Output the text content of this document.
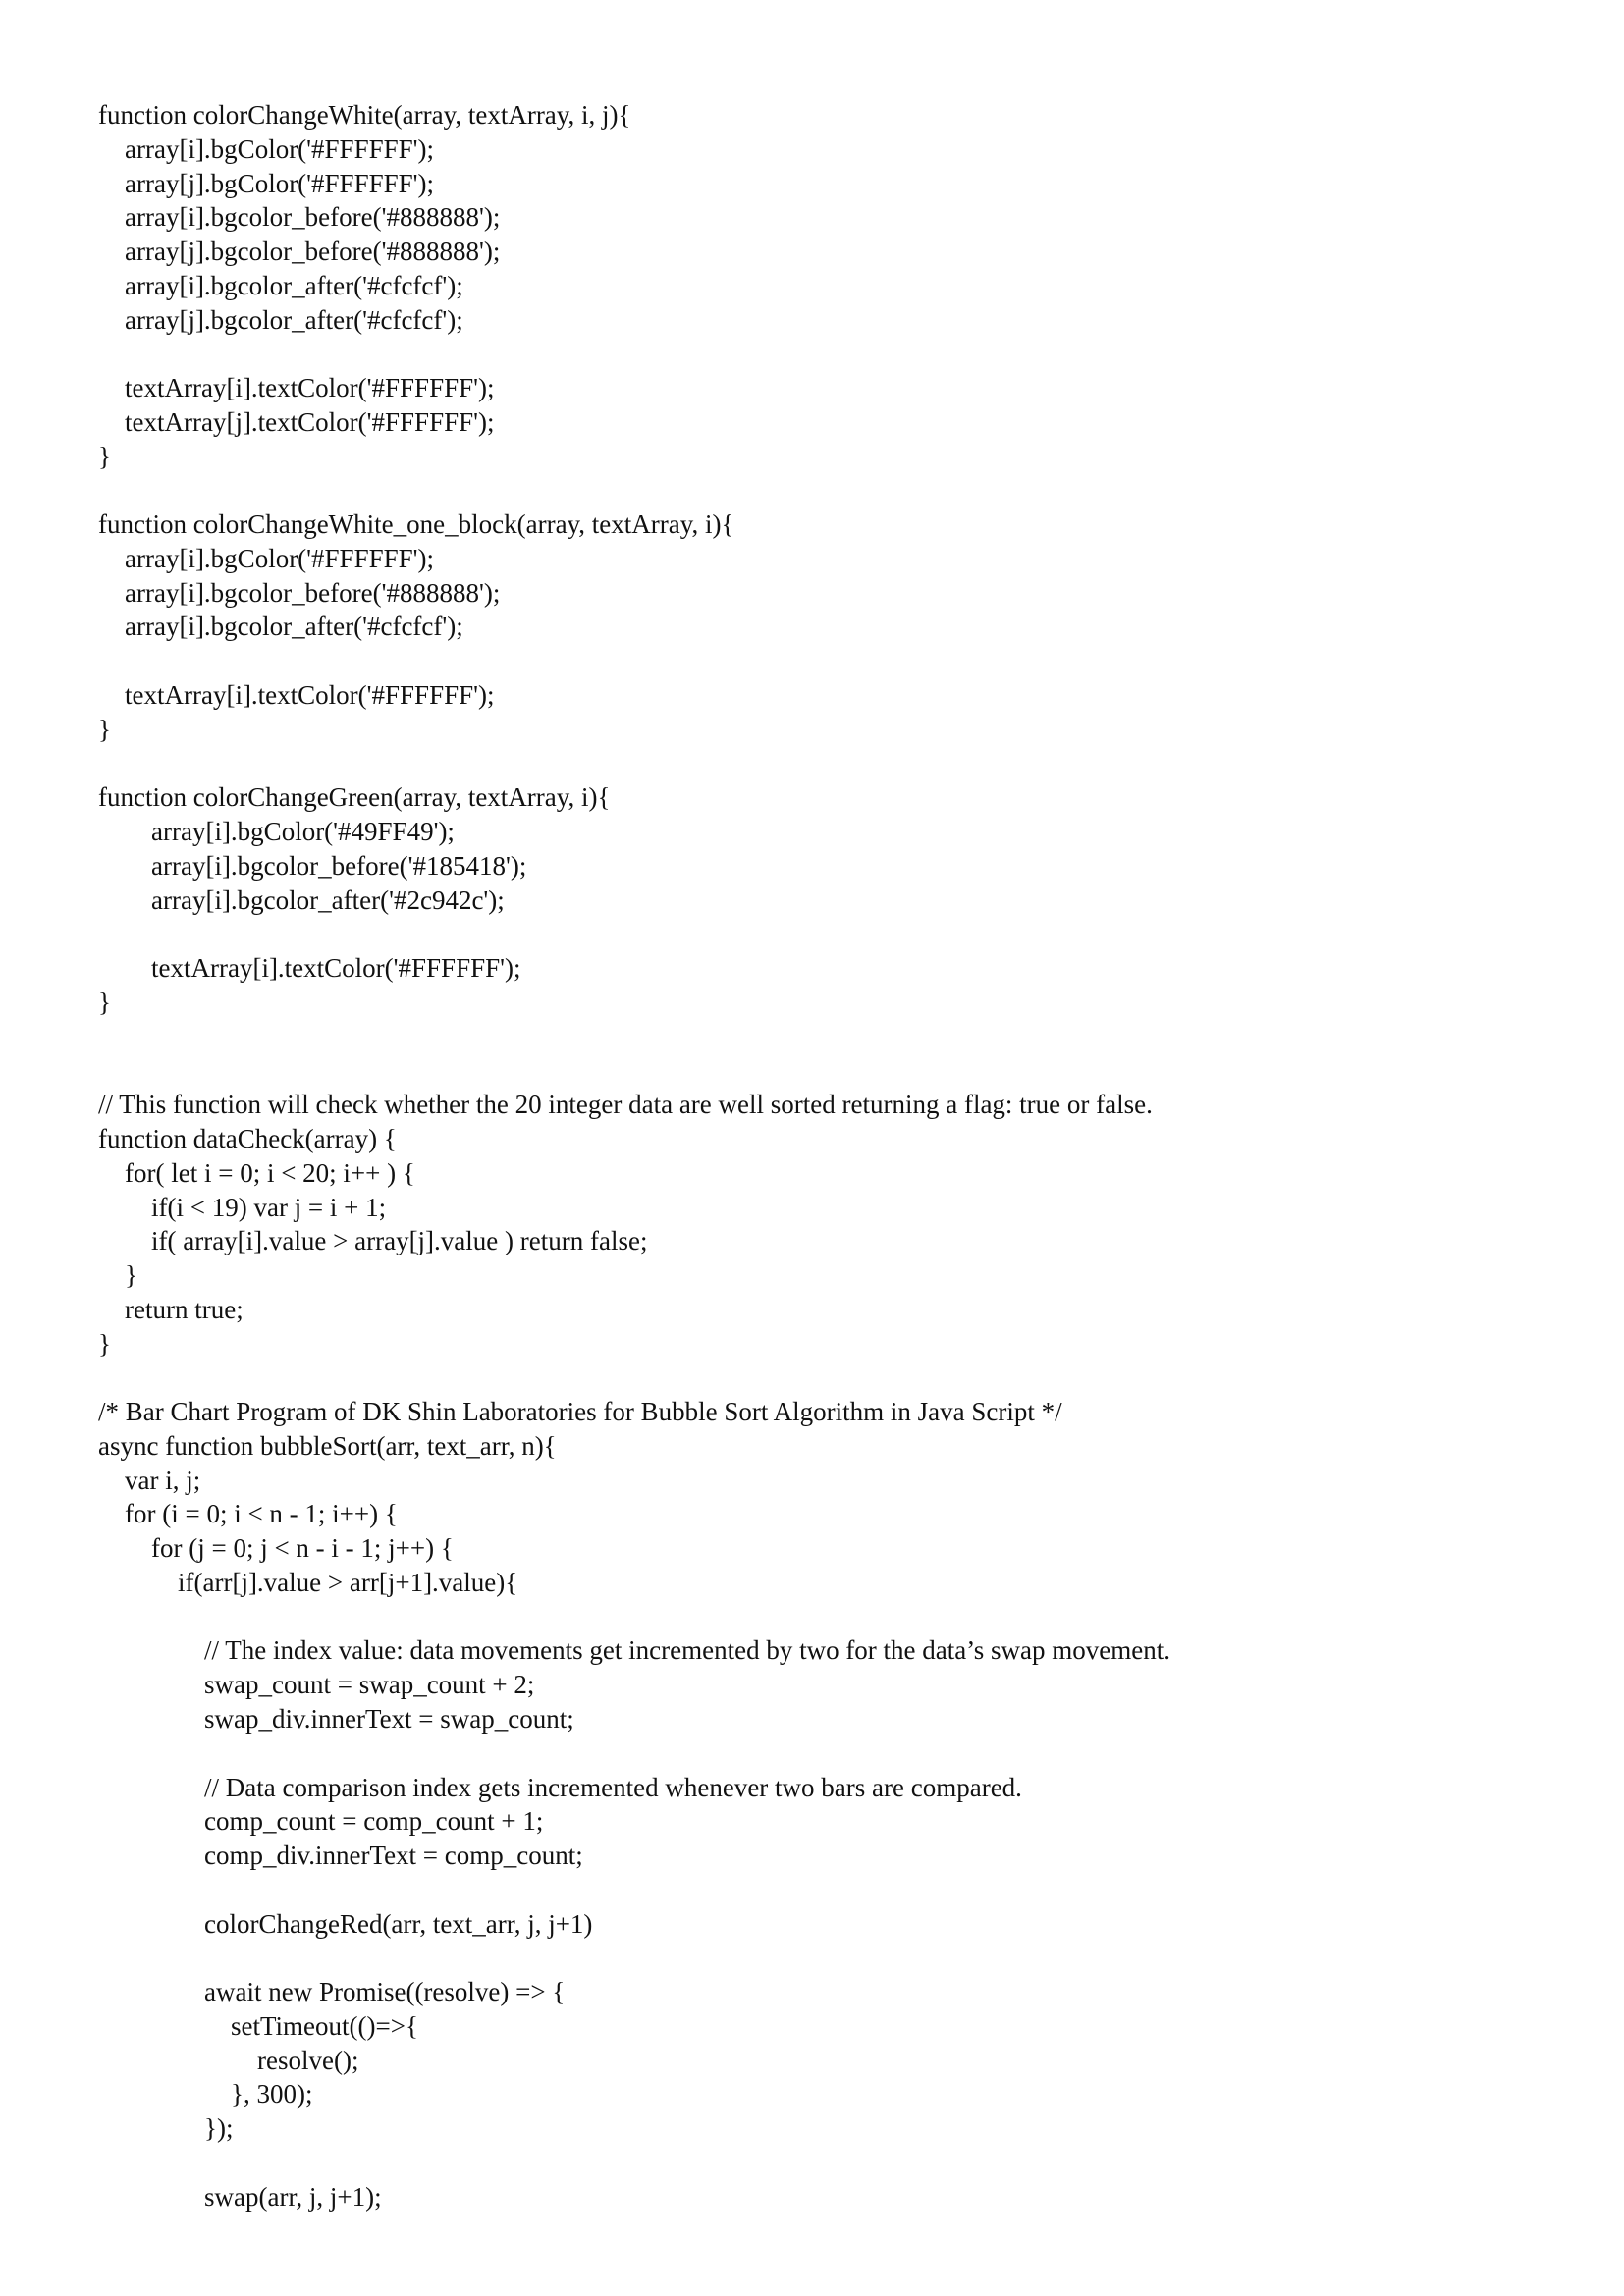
function colorChangeWhite(array, textArray, i, j){
array[i].bgColor('#FFFFFF');
array[j].bgColor('#FFFFFF');
array[i].bgcolor_before('#888888');
array[j].bgcolor_before('#888888');
array[i].bgcolor_after('#cfcfcf');
array[j].bgcolor_after('#cfcfcf');
textArray[i].textColor('#FFFFFF');
textArray[j].textColor('#FFFFFF');
}
function colorChangeWhite_one_block(array, textArray, i){
array[i].bgColor('#FFFFFF');
array[i].bgcolor_before('#888888');
array[i].bgcolor_after('#cfcfcf');
textArray[i].textColor('#FFFFFF');
}
function colorChangeGreen(array, textArray, i){
array[i].bgColor('#49FF49');
array[i].bgcolor_before('#185418');
array[i].bgcolor_after('#2c942c');
textArray[i].textColor('#FFFFFF');
}
// This function will check whether the 20 integer data are well sorted returning a flag: true or false.
function dataCheck(array) {
for( let i = 0; i < 20; i++ ) {
if(i < 19) var j = i + 1;
if( array[i].value > array[j].value ) return false;
}
return true;
}
/* Bar Chart Program of DK Shin Laboratories for Bubble Sort Algorithm in Java Script */
async function bubbleSort(arr, text_arr, n){
var i, j;
for (i = 0; i < n - 1; i++) {
for (j = 0; j < n - i - 1; j++) {
if(arr[j].value > arr[j+1].value){
// The index value: data movements get incremented by two for the data’s swap movement.
swap_count = swap_count + 2;
swap_div.innerText = swap_count;
// Data comparison index gets incremented whenever two bars are compared.
comp_count = comp_count + 1;
comp_div.innerText = comp_count;
colorChangeRed(arr, text_arr, j, j+1)
await new Promise((resolve) => {
setTimeout(()=>{
resolve();
}, 300);
});
swap(arr, j, j+1);
